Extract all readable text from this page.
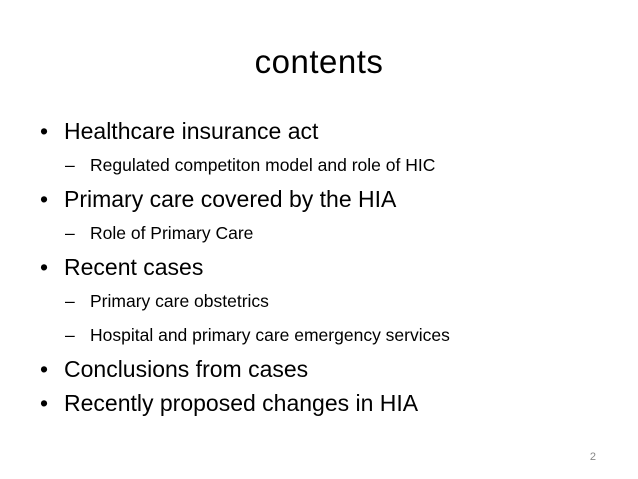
contents
• Healthcare insurance act
– Regulated competiton model and role of HIC
• Primary care covered by the HIA
– Role of Primary Care
• Recent cases
– Primary care obstetrics
– Hospital and primary care emergency services
• Conclusions from cases
• Recently proposed changes in HIA
2
